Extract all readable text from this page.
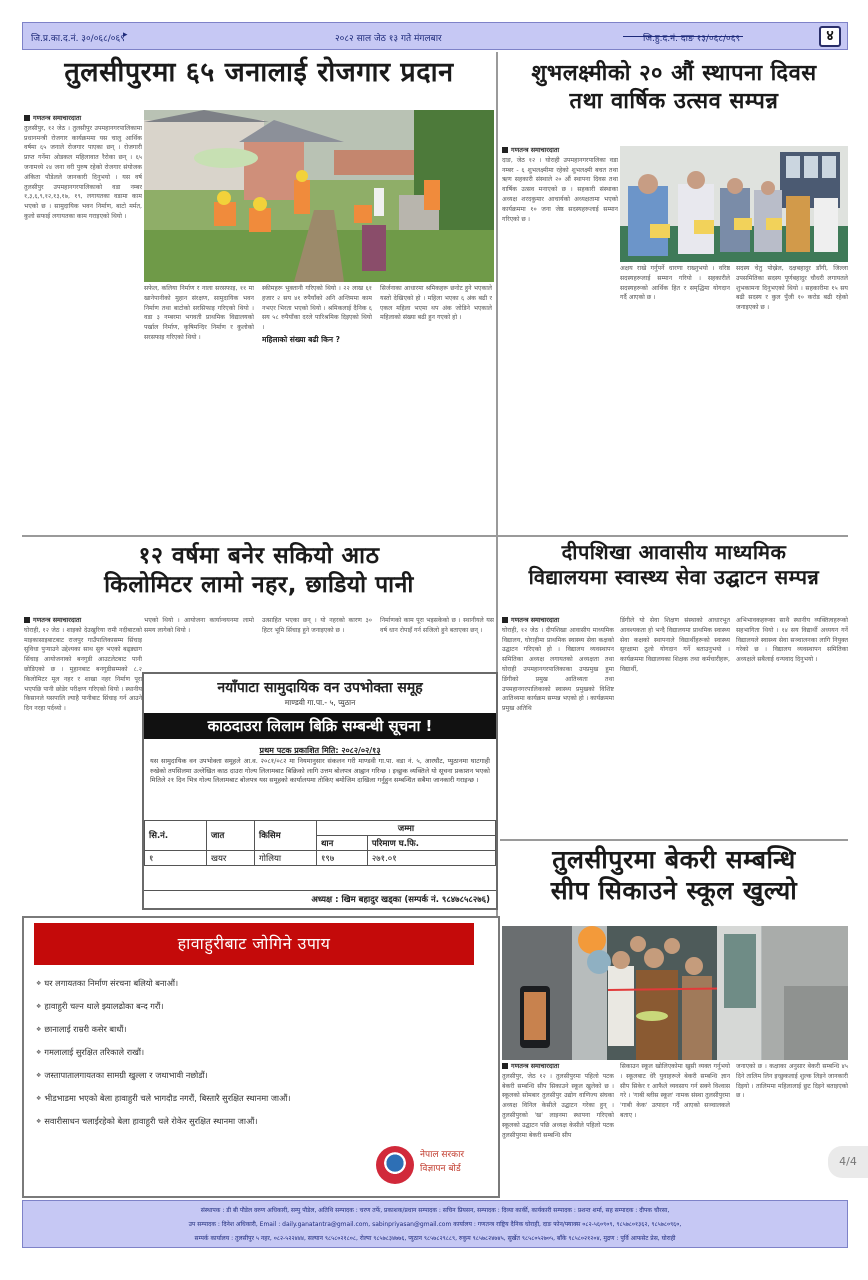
जि.प्र.का.द.नं. ३०/०६८/०६९
▸	२०८२ साल जेठ १३ गते मंगलबार	जि.हु.द.नं. दाङ १३/०६८/०६९	४
तुलसीपुरमा ६५ जनालाई रोजगार प्रदान
गणतन्त्र समाचारदाता
तुलसीपुर, १२ जेठ । तुलसीपुर उपमहानगरपालिकामा प्रधानमन्त्री रोजगार कार्यक्रममा यस चालु आर्थिक वर्षमा ६५ जनाले रोजगार पाएका छन् । रोजगारी प्राप्त गर्नेमा ओडकल महिलावात रैरोका छन् । ६५ जनामध्ये २४ जना वरी पुरुष रहेको रोजगार संयोजक अंकिता पौडेलले जानकारी दिनुभयो । यस वर्ष तुलसीपुर उपमहानगरपालिकाको वडा नम्बर १,३,६,९,१२,१३,१७, १९, लगायतका वडामा काम भएको छ । सामुदायिक भवन निर्माण, बाटो मर्मत, कुलो सफाई लगायतका काम गराइएको थियो ।
सफेल, कलिया निर्माण र नाला सरसफाइ, ११ मा खानेपानीको मुहान संरक्षण, सामुदायिक भवन निर्माण तथा बाटोको सरसिफाइ गरिएको थियो । वडा ३ नम्बरमा भगवती प्राथमिक विद्यालयको पर्खाल निर्माण, कृषिमन्दिर निर्माण र कुलोको सरसफाइ गरिएको थियो ।
स्कीमहरू भुक्तानी गरिएको थियो । २२ लाख ६१ हजार २ सय ४१ रुपैयाँको अनि अन्तिममा काम नभएर भिरता भएको थियो । श्रमिकलाई दैनिक ६ सय ५८ रुपैयाँका दरले पारिश्रमिक दिइएको थियो ।
महिलाको संख्या बढी किन ?
सिर्जनाका आधारमा श्रमिकहरू छनोट हुने भएकाले यस्तो देखिएको हो । महिला भएका ६ अंक बढी र एकल महिला भएमा थप अंक जोडिने भएकाले महिलाको संख्या बढी हुन गएको हो ।
शुभलक्ष्मीको २० औं स्थापना दिवस
तथा वार्षिक उत्सव सम्पन्न
गणतन्त्र समाचारदाता
दाङ, जेठ १२ । घोराही उपमहानगरपालिका वडा नम्बर - ६ शुभलक्ष्मीमा रहेको शुभलक्ष्मी बचत तथा ऋण सहकारी संस्थाले २० औं स्थापना दिवस तथा वार्षिक उत्सव मनाएको छ । सहकारी संस्थाका अध्यक्ष शरदकुमार आचार्यको अध्यक्षतामा भएको कार्यक्रममा १० जना जेष्ठ सदस्यहरूलाई सम्मान गरिएको छ ।
अक्षय राखे गर्नुपर्ने धारणा राख्नुभयो । वरिष्ठ सदस्यहरूलाई सम्मान गरियो । सहकारीले सदस्यहरूको आर्थिक हित र समृद्धिमा योगदान गर्दै आएको छ ।
सदस्य चेतु पोख्रेल, दक्षबहादुर डाँगी, जिल्ला उपसमितिका सदस्य पूर्णबहादुर चौधरी लगायतले शुभकामना दिनुभएको थियो । सहकारीमा १५ सय बढी सदस्य र कुल पुँजी १० करोड बढी रहेको जनाइएको छ ।
१२ वर्षमा बनेर सकियो आठ
किलोमिटर लामो नहर, छाडियो पानी
गणतन्त्र समाचारदाता
घोराही, १२ जेठ । शाइको देउखुरिया रामी नदीबाटको माइकासाइबाटबाट राजपुर गाउँपालिकासम्म सिंचाइ सुविधा पुर्‍याउने उद्देश्यका साथ सुरु भएको बढ्ड्याग सिंचाइ आयोजनाको बनगुडी आउटलेटबाट पानी छोडिएको छ । मुहानबाट बनगुडीसम्मको ८.२ किलोमिटर मूल नहर र शाखा नहर निर्माण पूरा भएपछि पानी छोडेर परीक्षण गरिएको थियो । स्थानीय किसानले यसपालि ल्याहै पानीबाट सिंचाइ गर्न आउने दिन नरहा पर्दथ्यो ।
भएको थियो । आयोजना कार्यान्वयनमा लामो समय लागेको थियो ।
उत्साहित भएका छन् । यो नहरको कारण ३० हिटर भूमि सिंचाइ हुने जनाइएको छ ।
निर्माणको काम पूरा भइसकेको छ । स्थानीयले यस वर्ष धान रोपाइँ गर्न सजिलो हुने बताएका छन् ।
नयाँपाटा सामुदायिक वन उपभोक्ता समूह
माण्डवी गा.पा.- ५, प्युठान
काठदाउरा लिलाम बिक्रि सम्बन्धी सूचना !
प्रथम पटक प्रकाशित मिति: २०८२/०२/१३
यस सामुदायिक वन उपभोक्ता समूहले आ.व. २०८१/०८२ मा नियमानुसार संकलन गरी माण्डवी गा.पा. वडा नं. ५, आरघौट, प्युठानमा घाटगाही रुखेको तपसिलमा उल्लेखित काठ दाउरा गोल्य लिलामबाट बिक्रिको लागि उत्तम बोलपत्र आह्वान गरिन्छ । इच्छुक व्यक्तिले यो सूचना प्रकाशन भएको मितिले २१ दिन भित्र गोल्य लिलामबाट बोलपत्र यस समूहको कार्यालयमा तोकिए बमोजिम दाखिला गर्नुहुन सम्बन्धित सबैमा जानकारी गराइन्छ ।
सि.नं.	जात	किसिम	जम्मा	
			थान	परिमाण घ.फि.
१	खयर	गोलिया	१९७	२७१.०१
अध्यक्ष : खिम बहादुर खड्का (सम्पर्क नं. ९८४७८५८२७६)
दीपशिखा आवासीय माध्यमिक
विद्यालयमा स्वास्थ्य सेवा उद्घाटन सम्पन्न
गणतन्त्र समाचारदाता
घोराही, १२ जेठ । दीपशिखा आवासीय माध्यमिक विद्यालय, घोराहीमा प्राथमिक स्वास्थ्य सेवा कक्षको उद्घाटन गरिएको हो । विद्यालय व्यवस्थापन समितिका अध्यक्ष लगायतको अध्यक्षता तथा घोराही उपमहानगरपालिकाका उपप्रमुख हुमा डिंगीको प्रमुख आतिथ्यता तथा उपमहानगरपालिकाको स्वास्थ्य प्रमुखको विशिष्ट आतिथ्यमा कार्यक्रम सम्पन्न भएको हो । कार्यक्रममा प्रमुख अतिथि
डिंगीले यो सेवा शिक्षण संस्थाको आधारभूत आवश्यकता हो भन्दै विद्यालयमा प्राथमिक स्वास्थ्य सेवा कक्षको स्थापनाले विद्यार्थीहरूको स्वास्थ्य सुरक्षामा ठूलो योगदान गर्ने बताउनुभयो । कार्यक्रममा विद्यालयका शिक्षक तथा कर्मचारीहरू, विद्यार्थी,
अभिभावकहरूका साथै स्थानीय व्यक्तित्वहरूको सहभागिता थियो । १४ सय विद्यार्थी अध्ययन गर्ने विद्यालयले स्वास्थ्य सेवा सञ्चालनका लागि नियुक्त गरेको छ । विद्यालय व्यवस्थापन समितिका अध्यक्षले सबैलाई धन्यवाद दिनुभयो ।
तुलसीपुरमा बेकरी सम्बन्धि
सीप सिकाउने स्कूल खुल्यो
गणतन्त्र समाचारदाता
तुलसीपुर, जेठ १२ । तुलसीपुरमा पहिलो पटक बेकरी सम्बन्धि सीप सिकाउने स्कूल खुलेको छ । स्कूलको सोमबार तुलसीपुर उद्योग वाणिज्य संघका अध्यक्ष विनिल केसीले उद्घाटन गरेका हुन् । तुलसीपुरको 'ख' लाइनमा स्थापना गरिएको स्कूलको उद्घाटन पछि अध्यक्ष केसीले पहिलो पटक तुलसीपुरमा बेकरी सम्बन्धि सीप
सिकाउन स्कूल खोलिएकोमा खुसी व्यक्त गर्नुभयो । स्कूलबाट धेरै युवाहरूले बेकरी सम्बन्धि ज्ञान सीप सिकेर र आफैले व्यवसाय गर्न सक्ने विश्वास गरे । 'गाबी ब्लीस स्कूल' नामक संस्था तुलसीपुरमा 'गाबी केक' उत्पादन गर्दै आएको सञ्चालकले बताए ।
जनाएको छ । कक्षाका अनुसार बेकरी सम्बन्धि ४५ दिने तालिम लिन इच्छुकलाई शुल्क लिइने जानकारी दिइयो । तालिममा महिलालाई छुट दिइने बताइएको छ ।
हावाहुरीबाट जोगिने उपाय
❖ घर लगायतका निर्माण संरचना बलियो बनाऔं।
❖ हावाहुरी चल्न थाले झ्यालढोका बन्द गरौं।
❖ छानालाई राम्ररी कसेर बाधौं।
❖ गमलालाई सुरक्षित तरिकाले राखौं।
❖ जस्तापातालगायतका सामग्री खुल्ला र जथाभावी नछोडौं।
❖ भीडभाडमा भएको बेला हावाहुरी चले भागदौड नगरौं, बिस्तारै सुरक्षित स्थानमा जाऔं।
❖ सवारीसाधन चलाईरहेको बेला हावाहुरी चले रोकेर सुरक्षित स्थानमा जाऔं।
नेपाल सरकार
विज्ञापन बोर्ड
संस्थापक : डी बी पौडेल वरुण अधिकारी, सम्पु पौडेल, अतिथि सम्पादक : चरण तर्फे, प्रकाशक/प्रधान सम्पादक : सचिन प्रियसन, सम्पादक : दिव्या कार्की, कार्यकारी सम्पादक : प्रशन्त शर्मा, सह सम्पादक : दीपक चौरसा,
उप सम्पादक : दिनेश अधिकारी, Email : daily.ganatantra@gmail.com, sabinpriyasan@gmail.com कार्यालय : गणतन्त्र राष्ट्रिय दैनिक घोराही, दाङ फोन/फ्याक्स ०८२-५६०९०९, ९८५७८०१३६२, ९८५७८०९६०,
सम्पर्क कार्यालय : तुलसीपुर ५ नहर, ०८२-५२२४४४, सल्यान ९८५८०२१८०८, रोल्पा ९८५७८३४७७६, प्युठान ९८५७८२९८८९, रुकुम ९८५७८२४७४५, सुर्खेत ९८५८०५२७०५, बाँके ९८५८०२१२०४, मुद्रण : पुर्वि आफसेट प्रेस, घोराही
4/4
